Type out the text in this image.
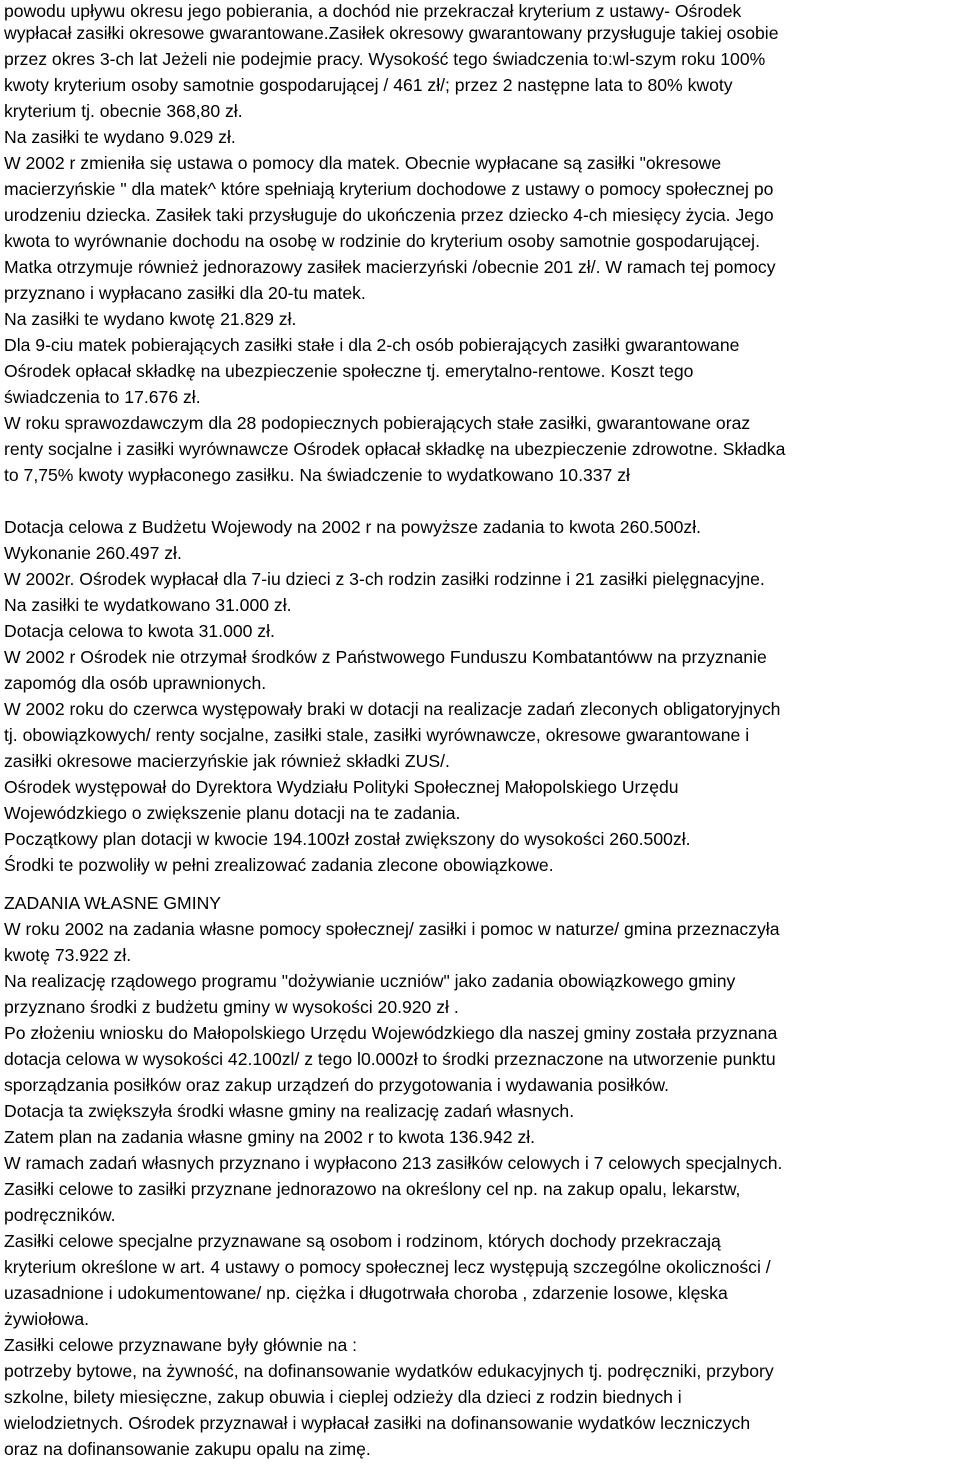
powodu upływu okresu jego pobierania, a dochód nie przekraczał kryterium z ustawy- Ośrodek
wypłacał zasiłki okresowe gwarantowane.Zasiłek okresowy gwarantowany przysługuje takiej osobie
przez okres 3-ch lat Jeżeli nie podejmie pracy. Wysokość tego świadczenia to:wl-szym roku 100%
kwoty kryterium osoby samotnie gospodarującej / 461 zł/; przez 2 następne lata to 80% kwoty
kryterium tj. obecnie 368,80 zł.
Na zasiłki te wydano 9.029 zł.
W 2002 r zmieniła się ustawa o pomocy dla matek. Obecnie wypłacane są zasiłki "okresowe
macierzyńskie " dla matek^ które spełniają kryterium dochodowe z ustawy o pomocy społecznej po
urodzeniu dziecka. Zasiłek taki przysługuje do ukończenia przez dziecko 4-ch miesięcy życia. Jego
kwota to wyrównanie dochodu na osobę w rodzinie do kryterium osoby samotnie gospodarującej.
Matka otrzymuje również jednorazowy zasiłek macierzyński /obecnie 201 zł/. W ramach tej pomocy
przyznano i wypłacano zasiłki dla 20-tu matek.
Na zasiłki te wydano kwotę 21.829 zł.
Dla 9-ciu matek pobierających zasiłki stałe i dla 2-ch osób pobierających zasiłki gwarantowane
Ośrodek opłacał składkę na ubezpieczenie społeczne tj. emerytalno-rentowe. Koszt tego
świadczenia to 17.676 zł.
W roku sprawozdawczym dla 28 podopiecznych pobierających stałe zasiłki, gwarantowane oraz
renty socjalne i zasiłki wyrównawcze Ośrodek opłacał składkę na ubezpieczenie zdrowotne. Składka
to 7,75% kwoty wypłaconego zasiłku. Na świadczenie to wydatkowano 10.337 zł
Dotacja celowa z Budżetu Wojewody na 2002 r na powyższe zadania to kwota 260.500zł.
Wykonanie 260.497 zł.
W 2002r. Ośrodek wypłacał dla 7-iu dzieci z 3-ch rodzin zasiłki rodzinne i 21 zasiłki pielęgnacyjne.
Na zasiłki te wydatkowano 31.000 zł.
Dotacja celowa to kwota 31.000 zł.
W 2002 r Ośrodek nie otrzymał środków z Państwowego Funduszu Kombatantóww na przyznanie
zapomóg dla osób uprawnionych.
W 2002 roku do czerwca występowały braki w dotacji na realizacje zadań zleconych obligatoryjnych
tj. obowiązkowych/ renty socjalne, zasiłki stale, zasiłki wyrównawcze, okresowe gwarantowane i
zasiłki okresowe macierzyńskie jak również składki ZUS/.
Ośrodek występował do Dyrektora Wydziału Polityki Społecznej Małopolskiego Urzędu
Wojewódzkiego o zwiększenie planu dotacji na te zadania.
Początkowy plan dotacji w kwocie 194.100zł został zwiększony do wysokości 260.500zł.
Środki te pozwoliły w pełni zrealizować zadania zlecone obowiązkowe.
ZADANIA WŁASNE GMINY
W roku 2002 na zadania własne pomocy społecznej/ zasiłki i pomoc w naturze/ gmina przeznaczyła
kwotę 73.922 zł.
Na realizację rządowego programu "dożywianie uczniów" jako zadania obowiązkowego gminy
przyznano środki z budżetu gminy w wysokości 20.920 zł .
Po złożeniu wniosku do Małopolskiego Urzędu Wojewódzkiego dla naszej gminy została przyznana
dotacja celowa w wysokości 42.100zl/ z tego l0.000zł to środki przeznaczone na utworzenie punktu
sporządzania posiłków oraz zakup urządzeń do przygotowania i wydawania posiłków.
Dotacja ta zwiększyła środki własne gminy na realizację zadań własnych.
Zatem plan na zadania własne gminy na 2002 r to kwota 136.942 zł.
W ramach zadań własnych przyznano i wypłacono 213 zasiłków celowych i 7 celowych specjalnych.
Zasiłki celowe to zasiłki przyznane jednorazowo na określony cel np. na zakup opalu, lekarstw,
podręczników.
Zasiłki celowe specjalne przyznawane są osobom i rodzinom, których dochody przekraczają
kryterium określone w art. 4 ustawy o pomocy społecznej lecz występują szczególne okoliczności /
uzasadnione i udokumentowane/ np. ciężka i długotrwała choroba , zdarzenie losowe, klęska
żywiołowa.
Zasiłki celowe przyznawane były głównie na :
potrzeby bytowe, na żywność, na dofinansowanie wydatków edukacyjnych tj. podręczniki, przybory
szkolne, bilety miesięczne, zakup obuwia i cieplej odzieży dla dzieci z rodzin biednych i
wielodzietnych. Ośrodek przyznawał i wypłacał zasiłki na dofinansowanie wydatków leczniczych
oraz na dofinansowanie zakupu opalu na zimę.
